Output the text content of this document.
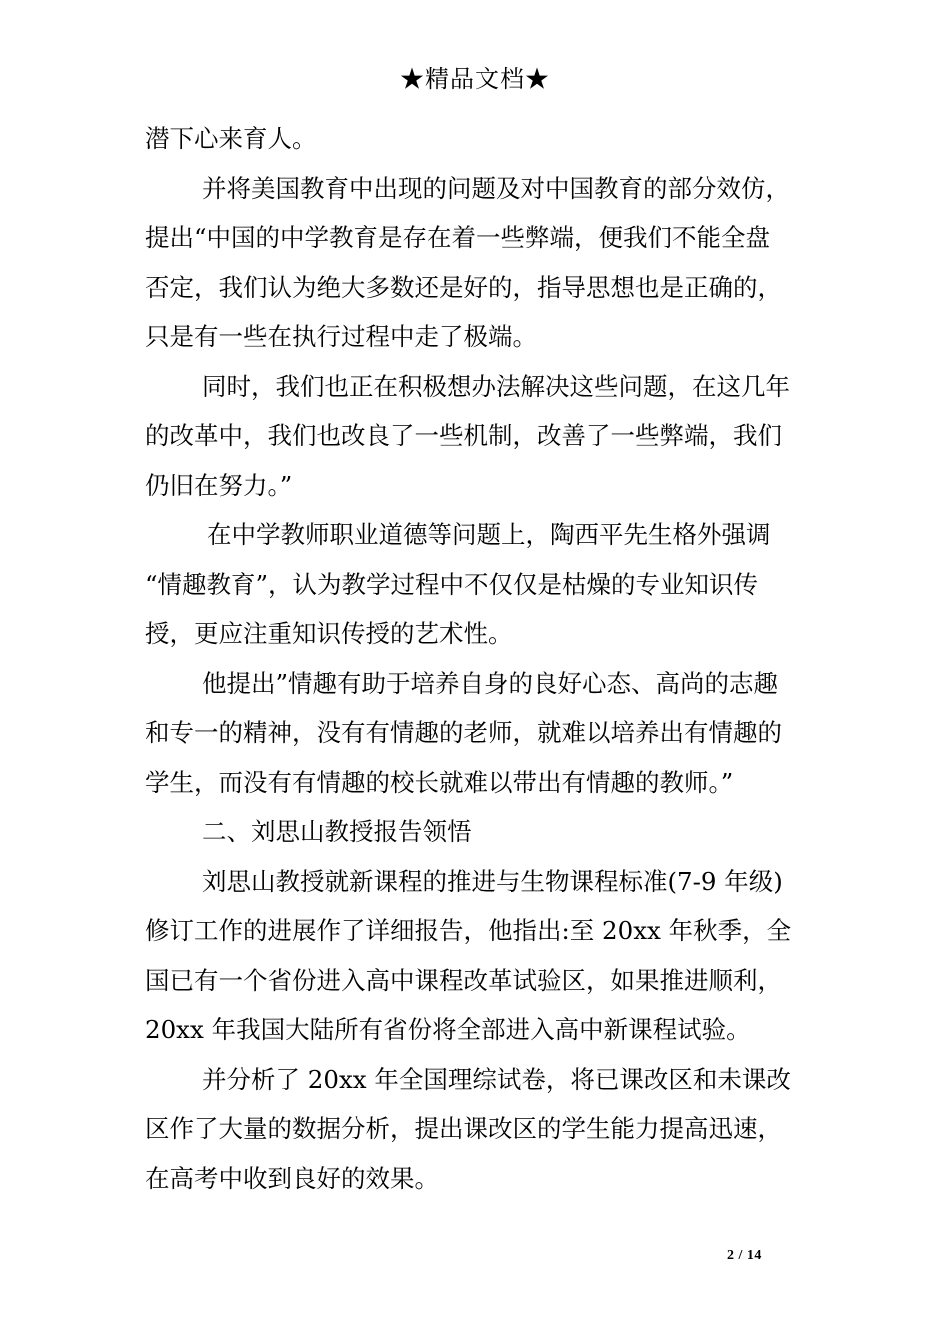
★精品文档★
潜下心来育人。
并将美国教育中出现的问题及对中国教育的部分效仿，
提出“中国的中学教育是存在着一些弊端，便我们不能全盘
否定，我们认为绝大多数还是好的，指导思想也是正确的，
只是有一些在执行过程中走了极端。
同时，我们也正在积极想办法解决这些问题，在这几年
的改革中，我们也改良了一些机制，改善了一些弊端，我们
仍旧在努力。”
在中学教师职业道德等问题上，陶西平先生格外强调
“情趣教育”，认为教学过程中不仅仅是枯燥的专业知识传
授，更应注重知识传授的艺术性。
他提出”情趣有助于培养自身的良好心态、高尚的志趣
和专一的精神，没有有情趣的老师，就难以培养出有情趣的
学生，而没有有情趣的校长就难以带出有情趣的教师。”
二、刘思山教授报告领悟
刘思山教授就新课程的推进与生物课程标准(7-9 年级)
修订工作的进展作了详细报告，他指出:至 20xx 年秋季，全
国已有一个省份进入高中课程改革试验区，如果推进顺利，
20xx 年我国大陆所有省份将全部进入高中新课程试验。
并分析了 20xx 年全国理综试卷，将已课改区和未课改
区作了大量的数据分析，提出课改区的学生能力提高迅速，
在高考中收到良好的效果。
2 / 14
